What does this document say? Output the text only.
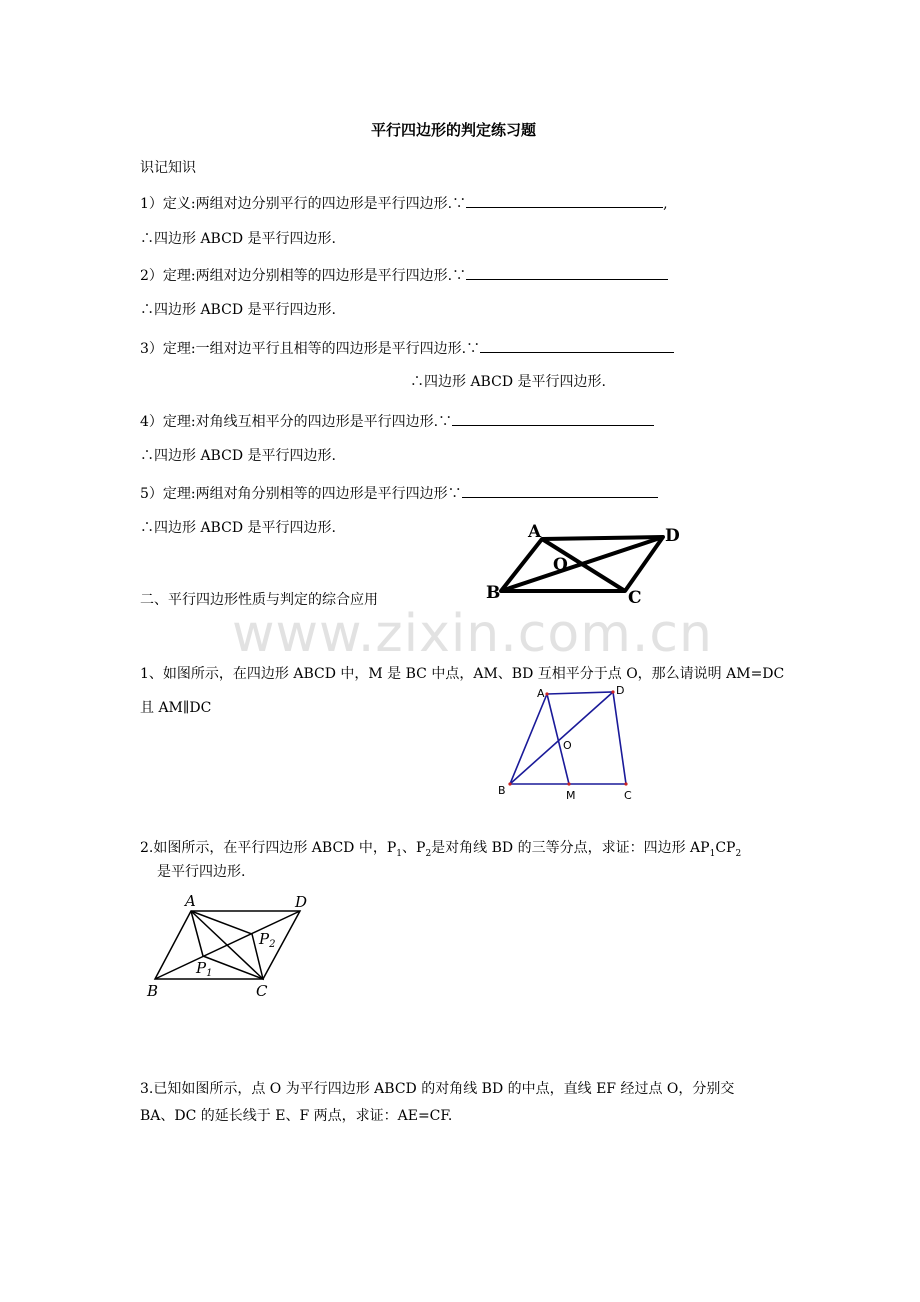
平行四边形的判定练习题
识记知识
1）定义:两组对边分别平行的四边形是平行四边形.∵	,
∴四边形 ABCD 是平行四边形.
2）定理:两组对边分别相等的四边形是平行四边形.∵
∴四边形 ABCD 是平行四边形.
3）定理:一组对边平行且相等的四边形是平行四边形.∵
∴四边形 ABCD 是平行四边形.
4）定理:对角线互相平分的四边形是平行四边形.∵
∴四边形 ABCD 是平行四边形.
5）定理:两组对角分别相等的四边形是平行四边形∵
∴四边形 ABCD 是平行四边形.	A	D
O
B	C
二、平行四边形性质与判定的综合应用
www.zixin.com.cn
1、如图所示，在四边形 ABCD 中，M 是 BC 中点，AM、BD 互相平分于点 O，那么请说明 AM=DC
且 AM∥DC
A	D
O
B	M	C
2.如图所示，在平行四边形 ABCD 中，$P_1$、$P_2$是对角线 BD 的三等分点，求证：四边形 $AP_1CP_2$
是平行四边形.
A	D
$P_2$
$P_1$
B	C
3.已知如图所示，点 O 为平行四边形 ABCD 的对角线 BD 的中点，直线 EF 经过点 O，分别交
BA、DC 的延长线于 E、F 两点，求证：AE=CF.
